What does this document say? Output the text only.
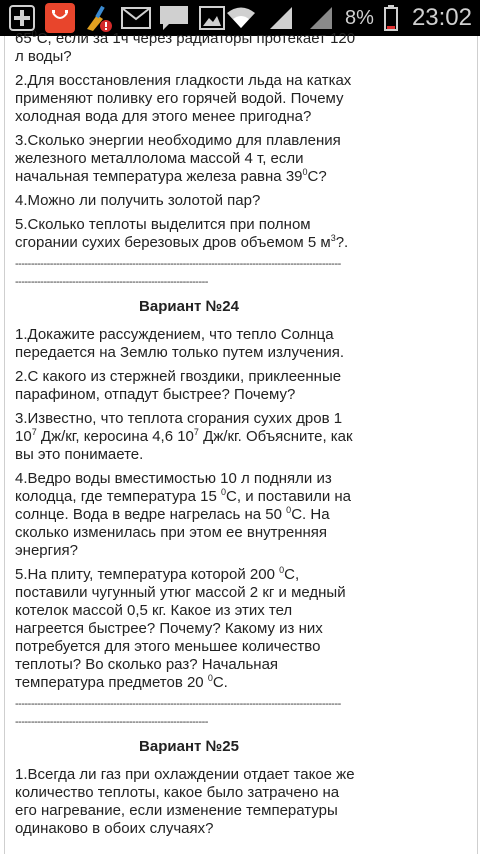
8% 23:02

$65^0С$, если за 1ч через радиаторы протекает 120 л воды?

2.Для восстановления гладкости льда на катках применяют поливку его горячей водой. Почему холодная вода для этого менее пригодна?

3.Сколько энергии необходимо для плавления железного металлолома массой 4 т, если начальная температура железа равна $39^0С$?

4.Можно ли получить золотой пар?

5.Сколько теплоты выделится при полном сгорании сухих березовых дров объемом 5 $м^3$?.

-------------------------------------------------------------------------------------------------------
-------------------------------------------------------------
Вариант №24

1.Докажите рассуждением, что тепло Солнца передается на Землю только путем излучения.

2.С какого из стержней гвоздики, приклеенные парафином, отпадут быстрее? Почему?

3.Известно, что теплота сгорания сухих дров 1 $10^7$ Дж/кг, керосина 4,6 $10^7$ Дж/кг. Объясните, как вы это понимаете.

4.Ведро воды вместимостью 10 л подняли из колодца, где температура 15 $^0$С, и поставили на солнце. Вода в ведре нагрелась на 50 $^0$С. На сколько изменилась при этом ее внутренняя энергия?

5.На плиту, температура которой 200 $^0$С, поставили чугунный утюг массой 2 кг и медный котелок массой 0,5 кг. Какое из этих тел нагреется быстрее? Почему? Какому из них потребуется для этого меньшее количество теплоты? Во сколько раз? Начальная температура предметов 20 $^0$С.

-------------------------------------------------------------------------------------------------------
-------------------------------------------------------------
Вариант №25

1.Всегда ли газ при охлаждении отдает такое же количество теплоты, какое было затрачено на его нагревание, если изменение температуры одинаково в обоих случаях?
